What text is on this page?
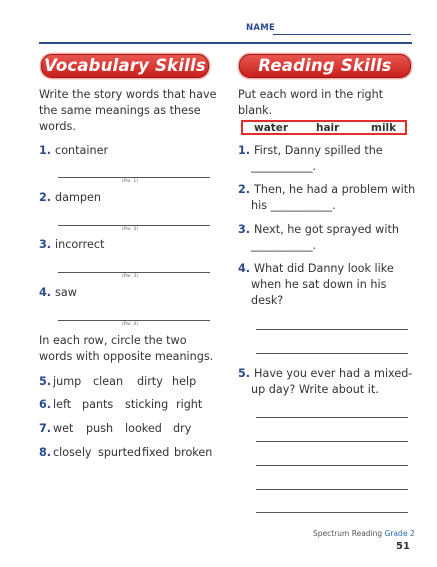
NAME
Vocabulary Skills	Reading Skills
Write the story words that have
the same meanings as these
words.
1. container
(Par. 1)
2. dampen
(Par. 3)
3. incorrect
(Par. 3)
4. saw
(Par. 4)
In each row, circle the two
words with opposite meanings.
5. jump clean dirty help
6. left pants sticking right
7. wet push looked dry
8. closely spurted fixed broken
Put each word in the right
blank.
water	hair	milk
1. First, Danny spilled the
___________.
2. Then, he had a problem with
his ___________.
3. Next, he got sprayed with
___________.
4. What did Danny look like
when he sat down in his
desk?
5. Have you ever had a mixed-
up day? Write about it.
Spectrum Reading Grade 2
51
